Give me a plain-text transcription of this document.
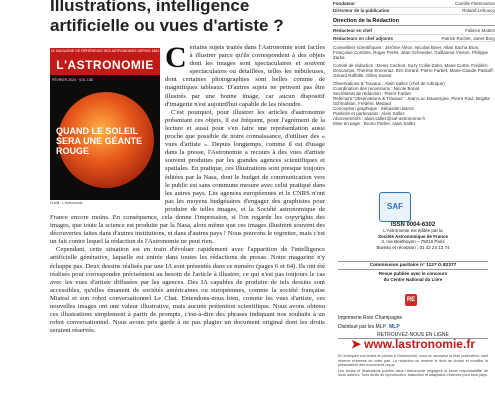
Illustrations, intelligence artificielle ou vues d'artiste ?
LE MAGAZINE DE RÉFÉRENCE DES ASTRONOMES DEPUIS 1882
L'ASTRONOMIE
FÉVRIER 2024 · VOL 138
QUAND LE SOLEIL SERA UNE GÉANTE ROUGE
Crédit : L'Astronomie

Certains sujets traités dans l'Astronomie sont faciles à illustrer parce qu'ils correspondent à des objets dont les images sont spectaculaires et souvent spectaculaires ou détaillées, telles les nébuleuses, dont certaines photographies sont belles comme de magnifiques tableaux. D'autres sujets ne peuvent pas être illustrés par une bonne image, car aucun dispositif d'imagerie n'est aujourd'hui capable de les résoudre.

C'est pourquoi, pour illustrer les articles d'astronomie présentant ces objets, il est fréquent, pour l'agrément de la lecture et aussi pour s'en faire une représentation aussi proche que possible de notre connaissance, d'utiliser des « vues d'artiste ». Depuis longtemps, comme il est d'usage dans la presse, l'Astronomie a recours à des vues d'artiste souvent produites par les grandes agences scientifiques et spatiales. En pratique, ces illustrations sont presque toujours éditées par la Nasa, dont le budget de communication vers le public est sans commune mesure avec celui pratiqué dans les autres pays. Les agences européennes et le CNRS n'ont pas les moyens budgétaires d'engager des graphistes pour produire de telles images, et la Société astronomique de France encore moins. En conséquence, cela donne l'impression, si l'on regarde les copyrights des images, que toute la science est produite par la Nasa, alors même que ces images illustrent souvent des découvertes faites dans d'autres institutions, et dans d'autres pays ! Nous pouvons le regretter, mais c'est un fait contre lequel la rédaction de l'Astronomie ne peut rien.

Cependant, cette situation est en train d'évoluer rapidement avec l'apparition de l'intelligence artificielle générative, laquelle est entrée dans toutes les rédactions de presse. Notre magazine n'y échappe pas. Deux dessins réalisés par une IA sont présentés dans ce numéro (pages 6 et 64). Ils ont été réalisés pour correspondre précisément au besoin de l'article à illustrer, ce qui n'est pas toujours le cas avec les vues d'artiste diffusées par les agences. Des IA capables de produire de tels dessins sont accessibles, qu'elles émanent de sociétés américaines ou européennes, comme la société française Mistral et son robot conversationnel Le Chat. Entendons-nous bien, comme les vues d'artiste, ces nouvelles images ont une valeur illustrative, mais aucune prétention scientifique. Nous avons obtenu ces illustrations simplement à partir de prompts, c'est-à-dire des phrases indiquant nos souhaits à un robot conversationnel. Nous avons pris garde à ne pas plagier un document original dont les droits seraient réservés.

Fondateur	Camille Flammarion
Directeur de la publication	Roland Lehoucq
Direction de la Rédaction
Rédacteur en chef	Fabrice Mottez
Rédacteurs en chef adjoints	Patrick Rocher, Janet Borg
Conseillers scientifiques : Jérôme Aléon, Nicolas Biver, Allan Sacha Brun, Françoise Combes, Roger Ferlet, Jean Schneider, Guillaume Vinson, Philippe Zarka
Comité de rédaction : Denis Cachon, Suzy Collin-Zahn, Marie Curtis, Frédéric Descamps, Thérèse Encrenaz, Éric Evrard, Pierre Farbet, Marie-Claude Paskoff, Gérard Raffalle, Gilles Sautot
Observations & Travaux : Alain Sallez (chef de rubrique)
Coordination des recensions : Nicole Bonal
Secrétariat de rédaction : Pierre Farbet
Relecture 'Observations & Travaux' : Jean-Luc Dauvergne, Pierre Paul, Brigitte Schmahlan, Frédéric Medard
Conception graphique : Sébastien Baros
Publicité et partenariat : Alain Sallez
Abonnements : alain.sallez@saf-astronomie.fr
Mise en page : Bruno Parlier, Alain Sallez
SAF
ISSN 0004-6302
L'Astronomie est éditée par la
Société Astronomique de France
3, rue Beethoven – 75016 Paris
Bureau et réception : 01 42 24 13 74
Commission paritaire n° 1127 G 82377
Revue publiée avec le concours
du Centre National du Livre
RE
Imprimerie Roto Champagne
Distribué par les MLP MLP
RETROUVEZ-NOUS EN LIGNE
➤ www.lastronomie.fr

En envoyant vos textes et photos à l'Astronomie, vous en acceptez la libre publication, sauf réserve expresse de votre part. La rédaction se réserve le droit de choisir et modifier la présentation des documents reçus.

Les textes et illustrations publiés dans l'Astronomie engagent la seule responsabilité de leurs auteurs. Tous droits de reproduction, traduction et adaptation réservés pour tous pays.
